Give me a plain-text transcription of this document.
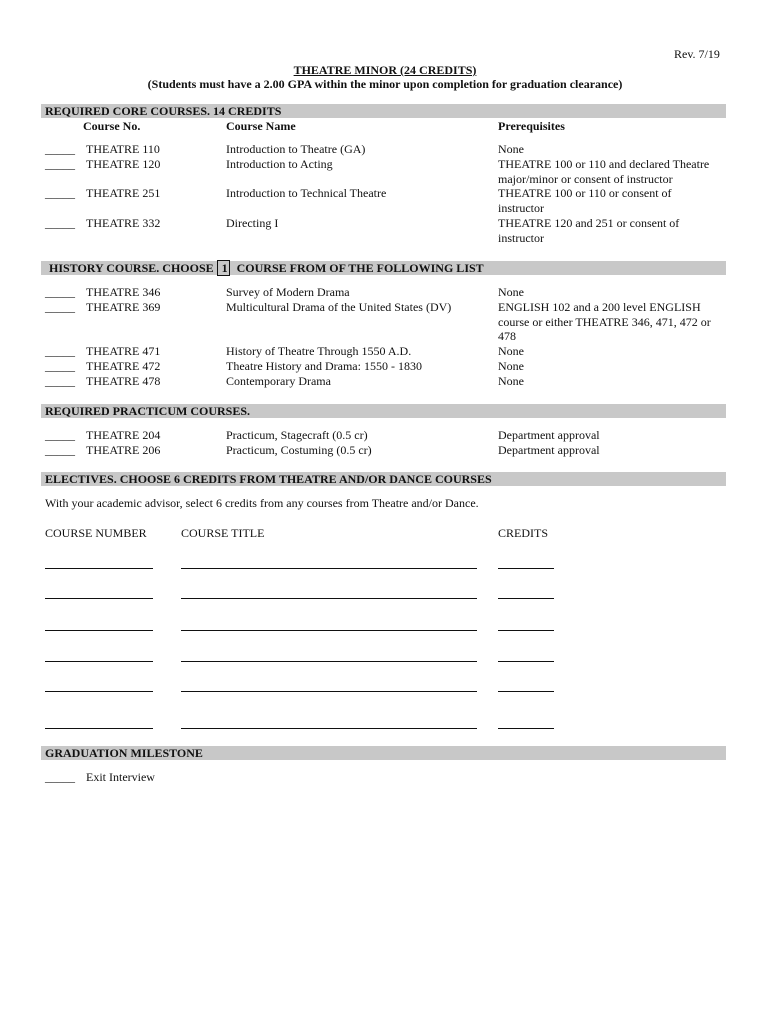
Rev. 7/19
THEATRE MINOR (24 CREDITS)
(Students must have a 2.00 GPA within the minor upon completion for graduation clearance)
REQUIRED CORE COURSES. 14 CREDITS
Course No.	Course Name	Prerequisites
_____ THEATRE 110	Introduction to Theatre (GA)	None
_____ THEATRE 120	Introduction to Acting	THEATRE 100 or 110 and declared Theatre
major/minor or consent of instructor
_____ THEATRE 251	Introduction to Technical Theatre	THEATRE 100 or 110 or consent of
instructor
_____ THEATRE 332	Directing I	THEATRE 120 and 251 or consent of
instructor
HISTORY COURSE. CHOOSE 1 COURSE FROM OF THE FOLLOWING LIST
_____ THEATRE 346	Survey of Modern Drama	None
_____ THEATRE 369	Multicultural Drama of the United States (DV)	ENGLISH 102 and a 200 level ENGLISH
course or either THEATRE 346, 471, 472 or
478
_____ THEATRE 471	History of Theatre Through 1550 A.D.	None
_____ THEATRE 472	Theatre History and Drama: 1550 - 1830	None
_____ THEATRE 478	Contemporary Drama	None
REQUIRED PRACTICUM COURSES.
_____ THEATRE 204	Practicum, Stagecraft (0.5 cr)	Department approval
_____ THEATRE 206	Practicum, Costuming (0.5 cr)	Department approval
ELECTIVES. CHOOSE 6 CREDITS FROM THEATRE AND/OR DANCE COURSES
With your academic advisor, select 6 credits from any courses from Theatre and/or Dance.
COURSE NUMBER	COURSE TITLE	CREDITS
GRADUATION MILESTONE
_____ Exit Interview
